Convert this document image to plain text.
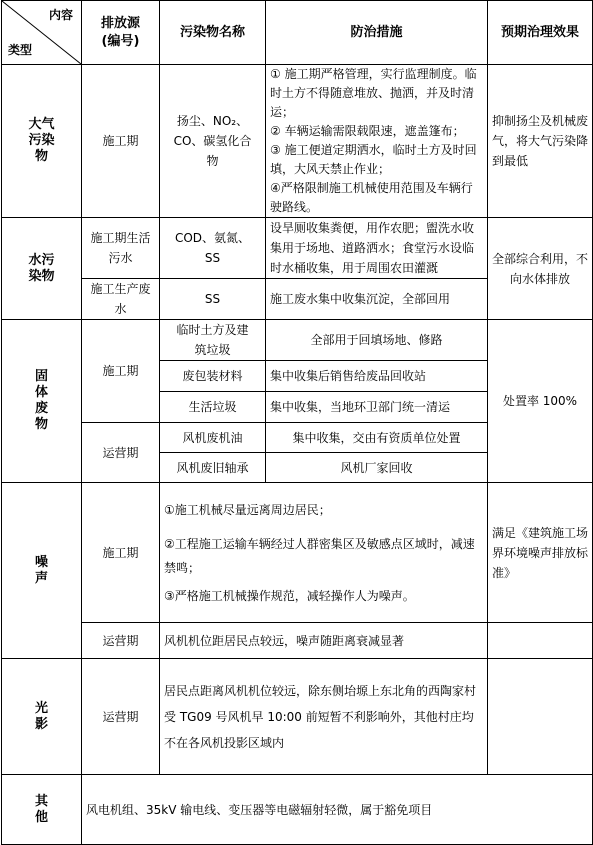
内容
类型	排放源
(编号)	污染物名称	防治措施	预期治理效果

大气污染物	施工期	扬尘、NO₂、CO、碳氢化合物	① 施工期严格管理，实行监理制度。临时土方不得随意堆放、抛洒，并及时清运；
② 车辆运输需限载限速，遮盖篷布；
③ 施工便道定期洒水，临时土方及时回填，大风天禁止作业；
④严格限制施工机械使用范围及车辆行驶路线。	抑制扬尘及机械废气，将大气污染降到最低

水污染物	施工期生活污水	COD、氨氮、SS	设旱厕收集粪便，用作农肥；盥洗水收集用于场地、道路洒水；食堂污水设临时水桶收集，用于周围农田灌溉	全部综合利用，不向水体排放
	施工生产废水	SS	施工废水集中收集沉淀，全部回用	

固体废物	施工期	临时土方及建筑垃圾	全部用于回填场地、修路	处置率 100%
		废包装材料	集中收集后销售给废品回收站	
		生活垃圾	集中收集，当地环卫部门统一清运	
	运营期	风机废机油	集中收集，交由有资质单位处置	
		风机废旧轴承	风机厂家回收	

噪声	施工期	①施工机械尽量远离周边居民；
②工程施工运输车辆经过人群密集区及敏感点区域时，减速禁鸣；
③严格施工机械操作规范，减轻操作人为噪声。		满足《建筑施工场界环境噪声排放标准》
	运营期	风机机位距居民点较远，噪声随距离衰减显著		

光影	运营期	居民点距离风机机位较远，除东侧坮塬上东北角的西陶家村受 TG09 号风机早 10:00 前短暂不利影响外，其他村庄均不在各风机投影区域内		

其他	风电机组、35kV 输电线、变压器等电磁辐射轻微，属于豁免项目			
